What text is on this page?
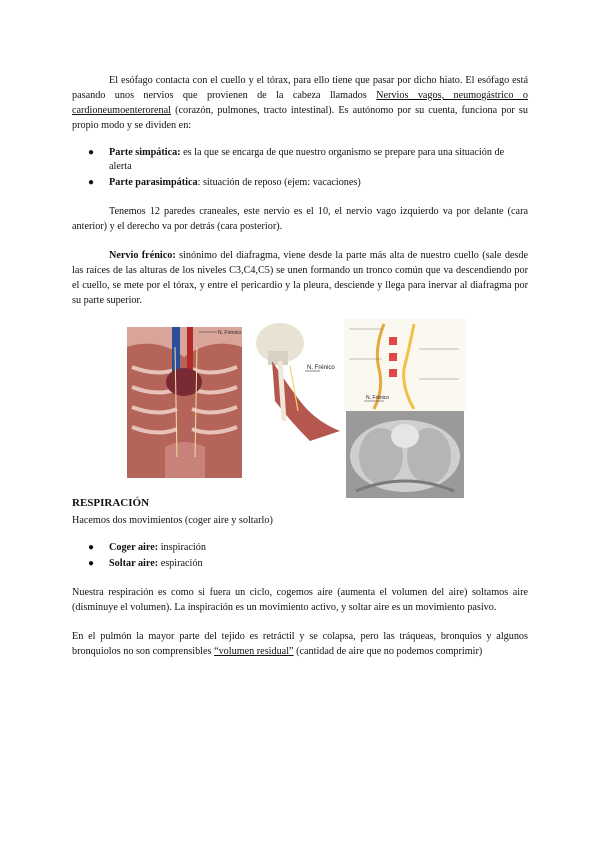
El esófago contacta con el cuello y el tórax, para ello tiene que pasar por dicho hiato. El esófago está pasando unos nervios que provienen de la cabeza llamados Nervios vagos, neumogástrico o cardioneumoenterorenal (corazón, pulmones, tracto intestinal). Es autónomo por su cuenta, funciona por su propio modo y se dividen en:
● Parte simpática: es la que se encarga de que nuestro organismo se prepare para una situación de alerta
● Parte parasimpática: situación de reposo (ejem: vacaciones)
Tenemos 12 paredes craneales, este nervio es el 10, el nervio vago izquierdo va por delante (cara anterior) y el derecho va por detrás (cara posterior).
Nervio frénico: sinónimo del diafragma, viene desde la parte más alta de nuestro cuello (sale desde las raíces de las alturas de los niveles C3,C4,C5) se unen formando un tronco común que va descendiendo por el cuello, se mete por el tórax, y entre el pericardio y la pleura, desciende y llega para inervar al diafragma por su parte superior.
N. Frénico
N. Frénico
N. Frénico
RESPIRACIÓN
Hacemos dos movimientos (coger aire y soltarlo)
● Coger aire: inspiración
● Soltar aire: espiración
Nuestra respiración es como si fuera un ciclo, cogemos aire (aumenta el volumen del aire) soltamos aire (disminuye el volumen). La inspiración es un movimiento activo, y soltar aire es un movimiento pasivo.
En el pulmón la mayor parte del tejido es retráctil y se colapsa, pero las tráqueas, bronquios y algunos bronquiolos no son comprensibles “volumen residual” (cantidad de aire que no podemos comprimir)
